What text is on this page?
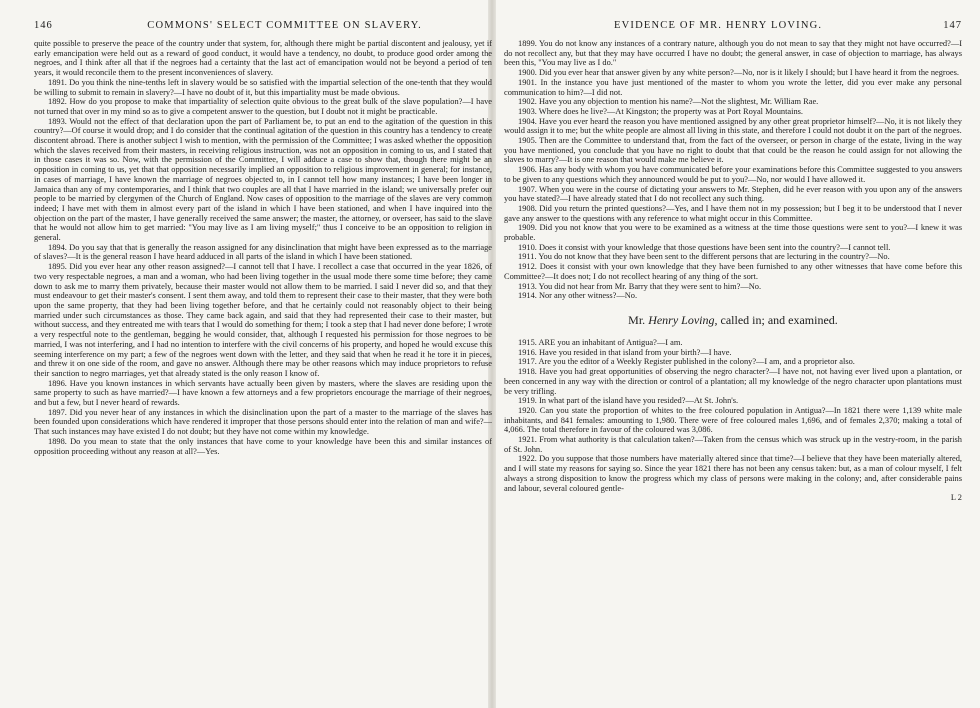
146	COMMONS' SELECT COMMITTEE ON SLAVERY.

quite possible to preserve the peace of the country under that system, for, although there might be partial discontent and jealousy, yet if early emancipation were held out as a reward of good conduct, it would have a tendency, no doubt, to produce good order among the negroes, and I think after all that if the negroes had a certainty that the last act of emancipation would not be beyond a period of ten years, it would reconcile them to the present inconveniences of slavery.

1891. Do you think the nine-tenths left in slavery would be so satisfied with the impartial selection of the one-tenth that they would be willing to submit to remain in slavery?—I have no doubt of it, but this impartiality must be made obvious.

1892. How do you propose to make that impartiality of selection quite obvious to the great bulk of the slave population?—I have not turned that over in my mind so as to give a competent answer to the question, but I doubt not it might be practicable.

1893. Would not the effect of that declaration upon the part of Parliament be, to put an end to the agitation of the question in this country?—Of course it would drop; and I do consider that the continual agitation of the question in this country has a tendency to create discontent abroad. There is another subject I wish to mention, with the permission of the Committee; I was asked whether the opposition which the slaves received from their masters, in receiving religious instruction, was not an opposition in coming to us, and I stated that in those cases it was so. Now, with the permission of the Committee, I will adduce a case to show that, though there might be an opposition in coming to us, yet that that opposition necessarily implied an opposition to religious improvement in general; for instance, in cases of marriage, I have known the marriage of negroes objected to, in I cannot tell how many instances; I have been longer in Jamaica than any of my contemporaries, and I think that two couples are all that I have married in the island; we universally prefer our people to be married by clergymen of the Church of England. Now cases of opposition to the marriage of the slaves are very common indeed; I have met with them in almost every part of the island in which I have been stationed, and when I have inquired into the objection on the part of the master, I have generally received the same answer; the master, the attorney, or overseer, has said to the slave that he would not allow him to get married: "You may live as I am living myself;" thus I conceive to be an opposition to religion in general.

1894. Do you say that that is generally the reason assigned for any disinclination that might have been expressed as to the marriage of slaves?—It is the general reason I have heard adduced in all parts of the island in which I have been stationed.

1895. Did you ever hear any other reason assigned?—I cannot tell that I have. I recollect a case that occurred in the year 1826, of two very respectable negroes, a man and a woman, who had been living together in the usual mode there some time before; they came down to ask me to marry them privately, because their master would not allow them to be married. I said I never did so, and that they must endeavour to get their master's consent. I sent them away, and told them to represent their case to their master, that they were both upon the same property, that they had been living together before, and that he certainly could not reasonably object to their being married under such circumstances as those. They came back again, and said that they had represented their case to their master, but without success, and they entreated me with tears that I would do something for them; I took a step that I had never done before; I wrote a very respectful note to the gentleman, begging he would consider, that, although I requested his permission for those negroes to be married, I was not interfering, and I had no intention to interfere with the civil concerns of his property, and hoped he would excuse this seeming interference on my part; a few of the negroes went down with the letter, and they said that when he read it he tore it in pieces, and threw it on one side of the room, and gave no answer. Although there may be other reasons which may induce proprietors to refuse their sanction to negro marriages, yet that already stated is the only reason I know of.

1896. Have you known instances in which servants have actually been given by masters, where the slaves are residing upon the same property to such as have married?—I have known a few attorneys and a few proprietors encourage the marriage of their negroes, and but a few, but I never heard of rewards.

1897. Did you never hear of any instances in which the disinclination upon the part of a master to the marriage of the slaves has been founded upon considerations which have rendered it improper that those persons should enter into the relation of man and wife?—That such instances may have existed I do not doubt; but they have not come within my knowledge.

1898. Do you mean to state that the only instances that have come to your knowledge have been this and similar instances of opposition proceeding without any reason at all?—Yes.

EVIDENCE OF MR. HENRY LOVING.	147

1899. You do not know any instances of a contrary nature, although you do not mean to say that they might not have occurred?—I do not recollect any, but that they may have occurred I have no doubt; the general answer, in case of objection to marriage, has always been this, "You may live as I do."

1900. Did you ever hear that answer given by any white person?—No, nor is it likely I should; but I have heard it from the negroes.

1901. In the instance you have just mentioned of the master to whom you wrote the letter, did you ever make any personal communication to him?—I did not.

1902. Have you any objection to mention his name?—Not the slightest, Mr. William Rae.

1903. Where does he live?—At Kingston; the property was at Port Royal Mountains.

1904. Have you ever heard the reason you have mentioned assigned by any other great proprietor himself?—No, it is not likely they would assign it to me; but the white people are almost all living in this state, and therefore I could not doubt it on the part of the negroes.

1905. Then are the Committee to understand that, from the fact of the overseer, or person in charge of the estate, living in the way you have mentioned, you conclude that you have no right to doubt that that could be the reason he could assign for not allowing the slaves to marry?—It is one reason that would make me believe it.

1906. Has any body with whom you have communicated before your examinations before this Committee suggested to you answers to be given to any questions which they announced would be put to you?—No, nor would I have allowed it.

1907. When you were in the course of dictating your answers to Mr. Stephen, did he ever reason with you upon any of the answers you have stated?—I have already stated that I do not recollect any such thing.

1908. Did you return the printed questions?—Yes, and I have them not in my possession; but I beg it to be understood that I never gave any answer to the questions with any reference to what might occur in this Committee.

1909. Did you not know that you were to be examined as a witness at the time those questions were sent to you?—I knew it was probable.

1910. Does it consist with your knowledge that those questions have been sent into the country?—I cannot tell.

1911. You do not know that they have been sent to the different persons that are lecturing in the country?—No.

1912. Does it consist with your own knowledge that they have been furnished to any other witnesses that have come before this Committee?—It does not; I do not recollect hearing of any thing of the sort.

1913. You did not hear from Mr. Barry that they were sent to him?—No.

1914. Nor any other witness?—No.

Mr. Henry Loving, called in; and examined.

1915. ARE you an inhabitant of Antigua?—I am.

1916. Have you resided in that island from your birth?—I have.

1917. Are you the editor of a Weekly Register published in the colony?—I am, and a proprietor also.

1918. Have you had great opportunities of observing the negro character?—I have not, not having ever lived upon a plantation, or been concerned in any way with the direction or control of a plantation; all my knowledge of the negro character upon plantations must be very trifling.

1919. In what part of the island have you resided?—At St. John's.

1920. Can you state the proportion of whites to the free coloured population in Antigua?—In 1821 there were 1,139 white male inhabitants, and 841 females: amounting to 1,980. There were of free coloured males 1,696, and of females 2,370; making a total of 4,066. The total therefore in favour of the coloured was 3,086.

1921. From what authority is that calculation taken?—Taken from the census which was struck up in the vestry-room, in the parish of St. John.

1922. Do you suppose that those numbers have materially altered since that time?—I believe that they have been materially altered, and I will state my reasons for saying so. Since the year 1821 there has not been any census taken: but, as a man of colour myself, I felt always a strong disposition to know the progress which my class of persons were making in the colony; and, after considerable pains and labour, several coloured gentle-

L 2
